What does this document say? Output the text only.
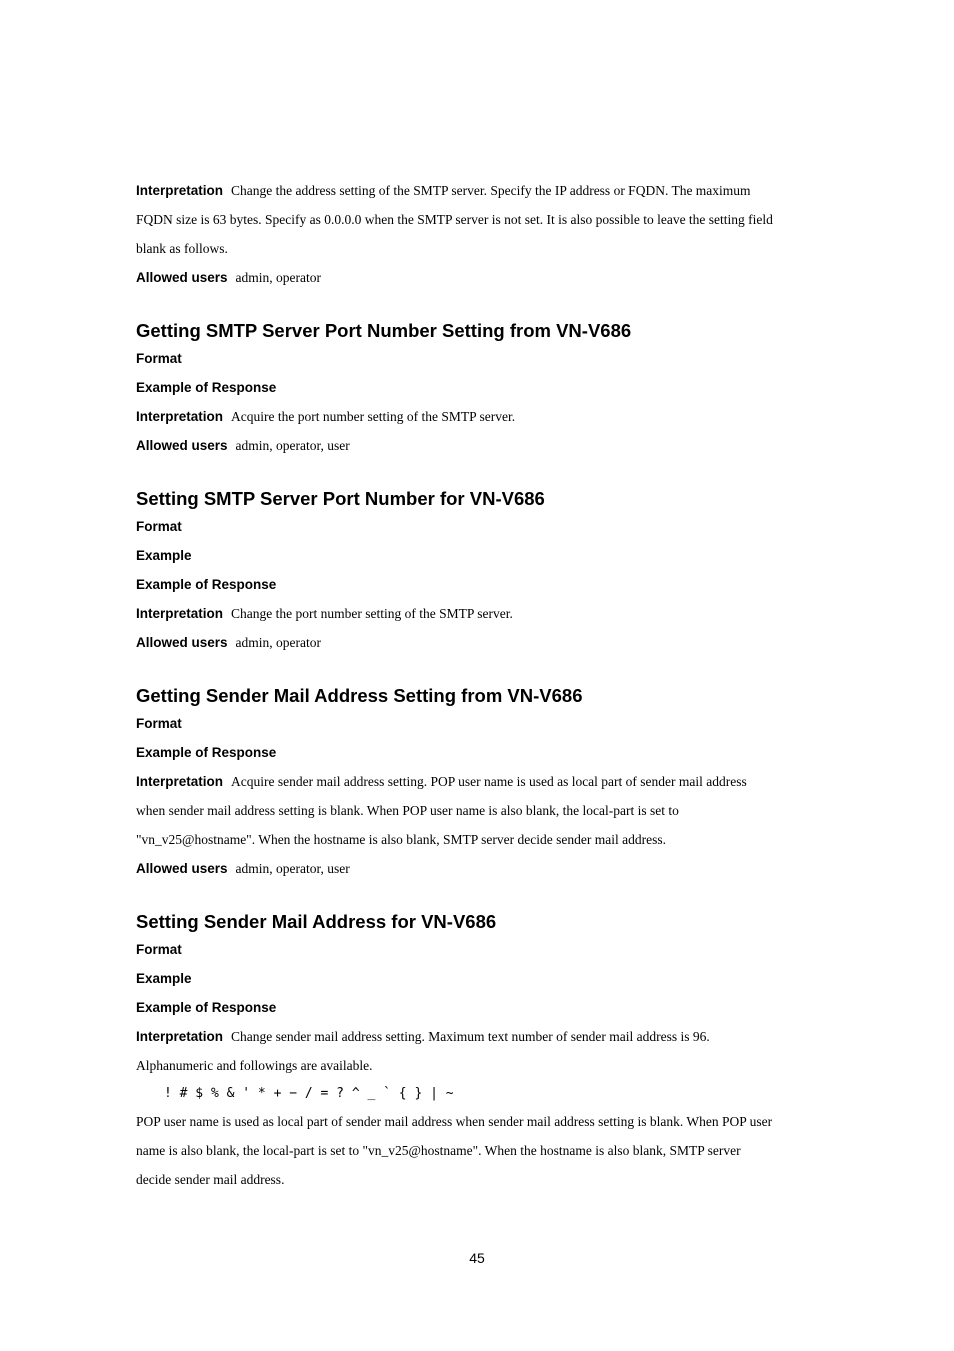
Interpretation Change the address setting of the SMTP server. Specify the IP address or FQDN. The maximum
FQDN size is 63 bytes. Specify as 0.0.0.0 when the SMTP server is not set. It is also possible to leave the setting field
blank as follows.
Allowed users admin, operator
Getting SMTP Server Port Number Setting from VN-V686
Format
Example of Response
Interpretation Acquire the port number setting of the SMTP server.
Allowed users admin, operator, user
Setting SMTP Server Port Number for VN-V686
Format
Example
Example of Response
Interpretation Change the port number setting of the SMTP server.
Allowed users admin, operator
Getting Sender Mail Address Setting from VN-V686
Format
Example of Response
Interpretation Acquire sender mail address setting. POP user name is used as local part of sender mail address
when sender mail address setting is blank. When POP user name is also blank, the local-part is set to
"vn_v25@hostname". When the hostname is also blank, SMTP server decide sender mail address.
Allowed users admin, operator, user
Setting Sender Mail Address for VN-V686
Format
Example
Example of Response
Interpretation Change sender mail address setting. Maximum text number of sender mail address is 96.
Alphanumeric and followings are available.
! # $ % & ' * + − / = ? ^ _ ` { } | ~
POP user name is used as local part of sender mail address when sender mail address setting is blank. When POP user
name is also blank, the local-part is set to "vn_v25@hostname". When the hostname is also blank, SMTP server
decide sender mail address.
45
